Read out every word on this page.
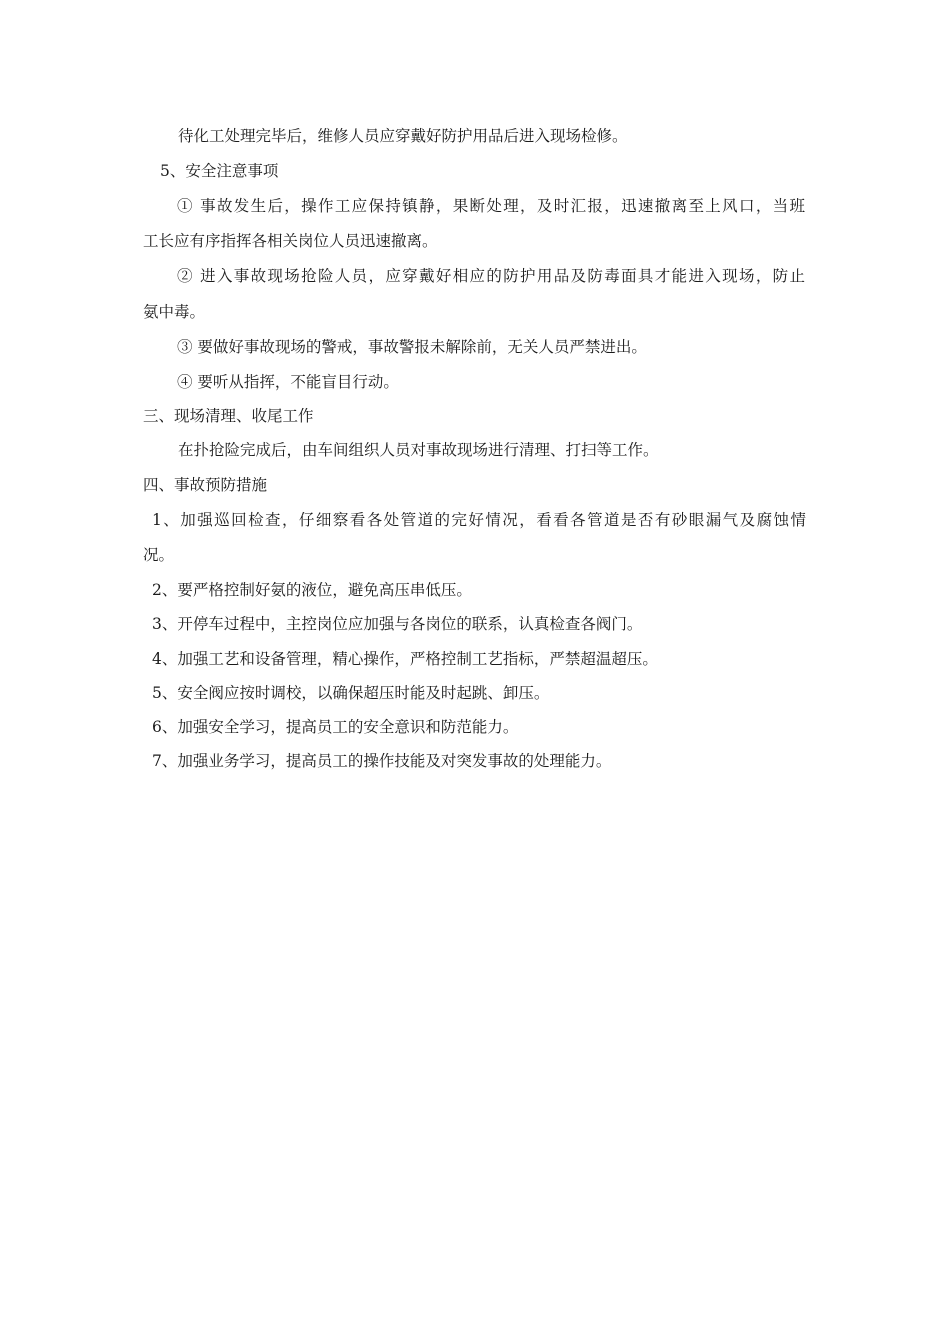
待化工处理完毕后，维修人员应穿戴好防护用品后进入现场检修。
5、安全注意事项
① 事故发生后，操作工应保持镇静，果断处理，及时汇报，迅速撤离至上风口，当班
工长应有序指挥各相关岗位人员迅速撤离。
② 进入事故现场抢险人员，应穿戴好相应的防护用品及防毒面具才能进入现场，防止
氨中毒。
③ 要做好事故现场的警戒，事故警报未解除前，无关人员严禁进出。
④ 要听从指挥，不能盲目行动。
三、现场清理、收尾工作
在扑抢险完成后，由车间组织人员对事故现场进行清理、打扫等工作。
四、事故预防措施
1、加强巡回检查，仔细察看各处管道的完好情况，看看各管道是否有砂眼漏气及腐蚀情
况。
2、要严格控制好氨的液位，避免高压串低压。
3、开停车过程中，主控岗位应加强与各岗位的联系，认真检查各阀门。
4、加强工艺和设备管理，精心操作，严格控制工艺指标，严禁超温超压。
5、安全阀应按时调校，以确保超压时能及时起跳、卸压。
6、加强安全学习，提高员工的安全意识和防范能力。
7、加强业务学习，提高员工的操作技能及对突发事故的处理能力。
